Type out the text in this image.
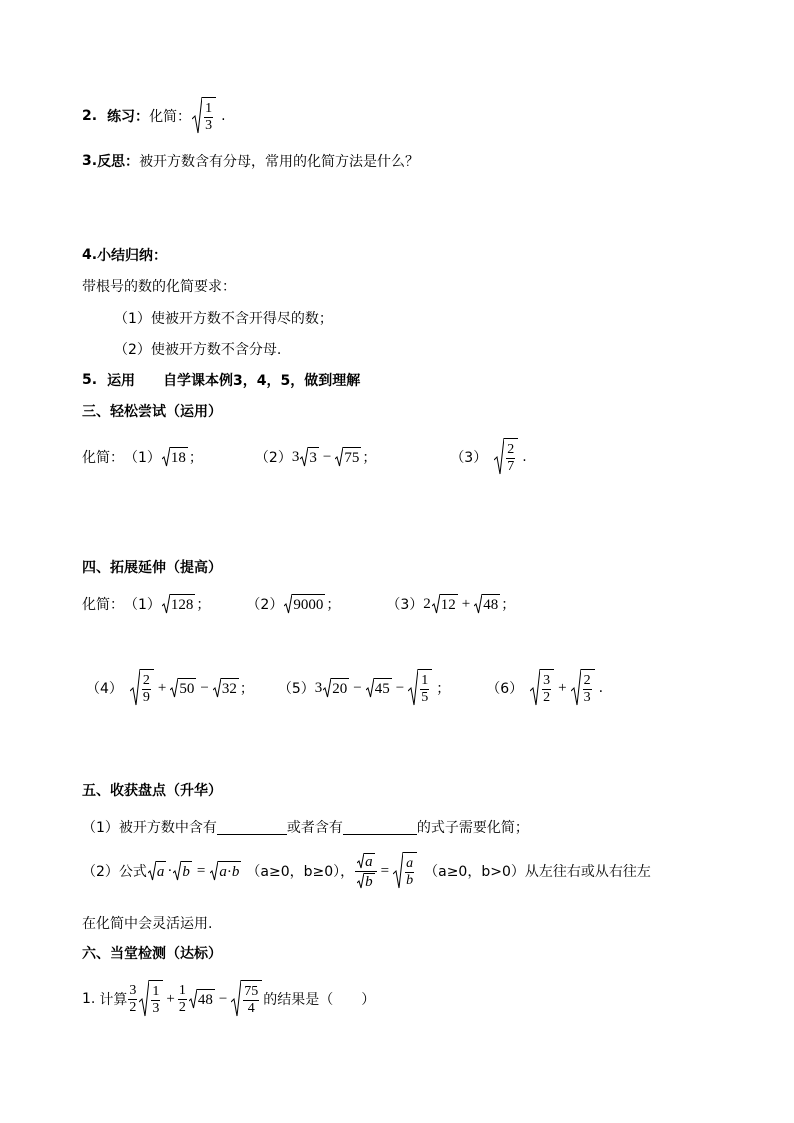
2. 练习： 化简： $\frac{1}{3}$ .
3. 反思： 被开方数含有分母，常用的化简方法是什么？
4. 小结归纳：
带根号的数的化简要求：
（1）使被开方数不含开得尽的数；
（2）使被开方数不含分母.
5. 运用 自学课本例3，4，5，做到理解
三、轻松尝试（运用）
化简： （1） 18 ；	（2） 3 3 − 75 ；	$(3) \frac{2}{7}$ .
四、拓展延伸（提高）
化简： （1） 128 ；	（2） 9000 ；	（3） 2 12 + 48 ；
$(4) \frac{2}{9} + 50 - 32$ ； （5） 3 $20 - 45 - \frac{1}{5}$ ；	$(6) \frac{3}{2} + \frac{2}{3}$ .
五、收获盘点（升华）
（1）被开方数中含有	或者含有	的式子需要化简；
（2）公式 a · b = a · b （a≥0，b≥0）， $\frac{a}{b} = \frac{a}{b} (a\ge 0$，b>0）从左往右或从右往左
在化简中会灵活运用.
六、当堂检测（达标）
1. 计算 $\frac{3}{2} \frac{1}{3} + \frac{1}{2} 48 - \frac{75}{4}$ 的结果是（　　）
